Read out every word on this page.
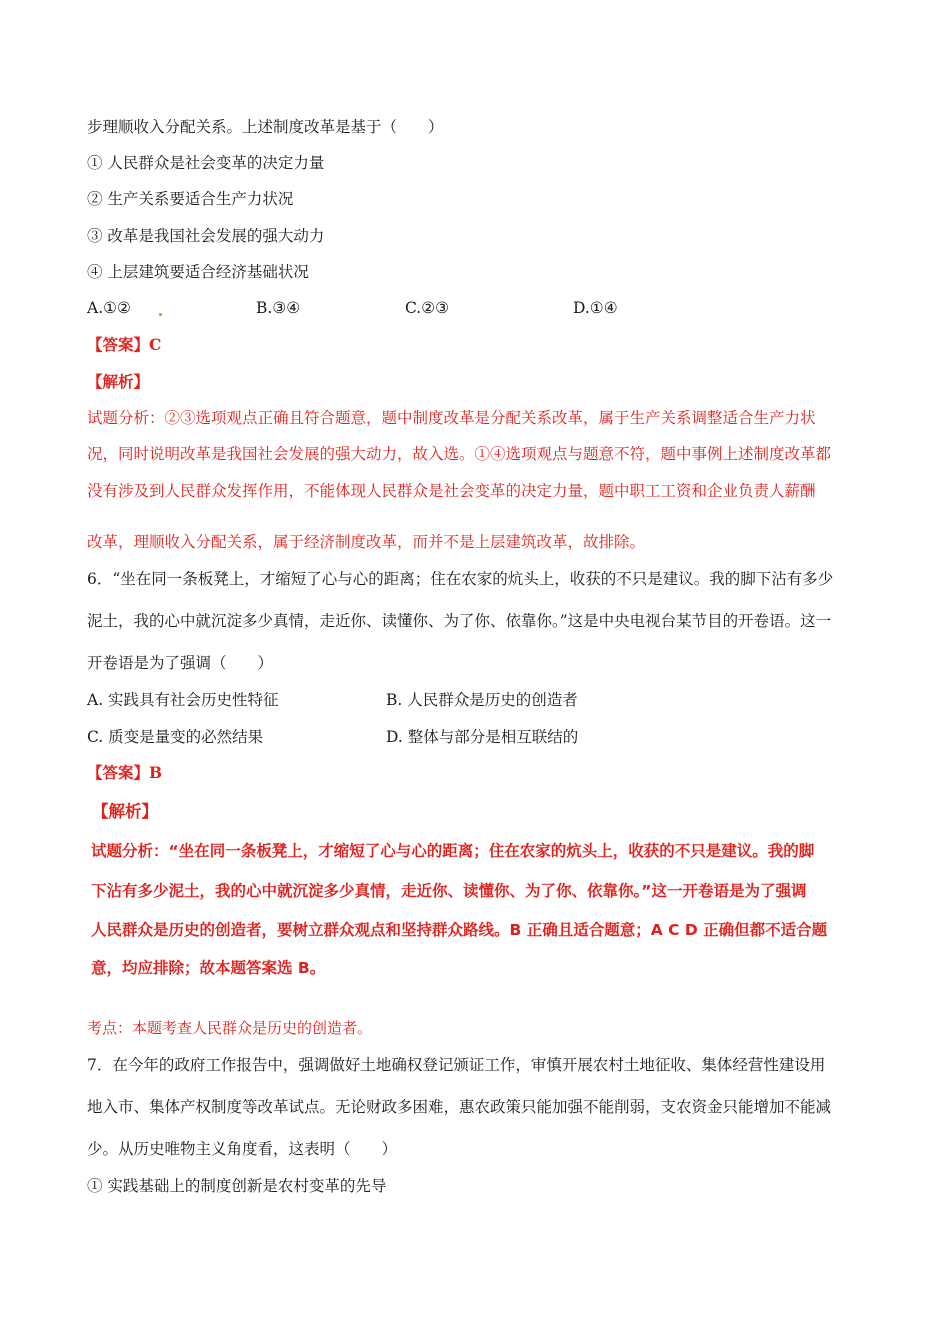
步理顺收入分配关系。上述制度改革是基于（　　）
① 人民群众是社会变革的决定力量
② 生产关系要适合生产力状况
③ 改革是我国社会发展的强大动力
④ 上层建筑要适合经济基础状况
A.①②	B.③④	C.②③	D.①④
【答案】C
【解析】
试题分析：②③选项观点正确且符合题意，题中制度改革是分配关系改革，属于生产关系调整适合生产力状
况，同时说明改革是我国社会发展的强大动力，故入选。①④选项观点与题意不符，题中事例上述制度改革都
没有涉及到人民群众发挥作用，不能体现人民群众是社会变革的决定力量，题中职工工资和企业负责人薪酬
改革，理顺收入分配关系，属于经济制度改革，而并不是上层建筑改革，故排除。
6．“坐在同一条板凳上，才缩短了心与心的距离；住在农家的炕头上，收获的不只是建议。我的脚下沾有多少
泥土，我的心中就沉淀多少真情，走近你、读懂你、为了你、依靠你。”这是中央电视台某节目的开卷语。这一
开卷语是为了强调（　　）
A. 实践具有社会历史性特征	B. 人民群众是历史的创造者
C. 质变是量变的必然结果	D. 整体与部分是相互联结的
【答案】B
【解析】
试题分析：“坐在同一条板凳上，才缩短了心与心的距离；住在农家的炕头上，收获的不只是建议。我的脚
下沾有多少泥土，我的心中就沉淀多少真情，走近你、读懂你、为了你、依靠你。”这一开卷语是为了强调
人民群众是历史的创造者，要树立群众观点和坚持群众路线。B 正确且适合题意；A C D 正确但都不适合题
意，均应排除；故本题答案选 B。
考点：本题考查人民群众是历史的创造者。
7．在今年的政府工作报告中，强调做好土地确权登记颁证工作，审慎开展农村土地征收、集体经营性建设用
地入市、集体产权制度等改革试点。无论财政多困难，惠农政策只能加强不能削弱，支农资金只能增加不能减
少。从历史唯物主义角度看，这表明（　　）
① 实践基础上的制度创新是农村变革的先导
